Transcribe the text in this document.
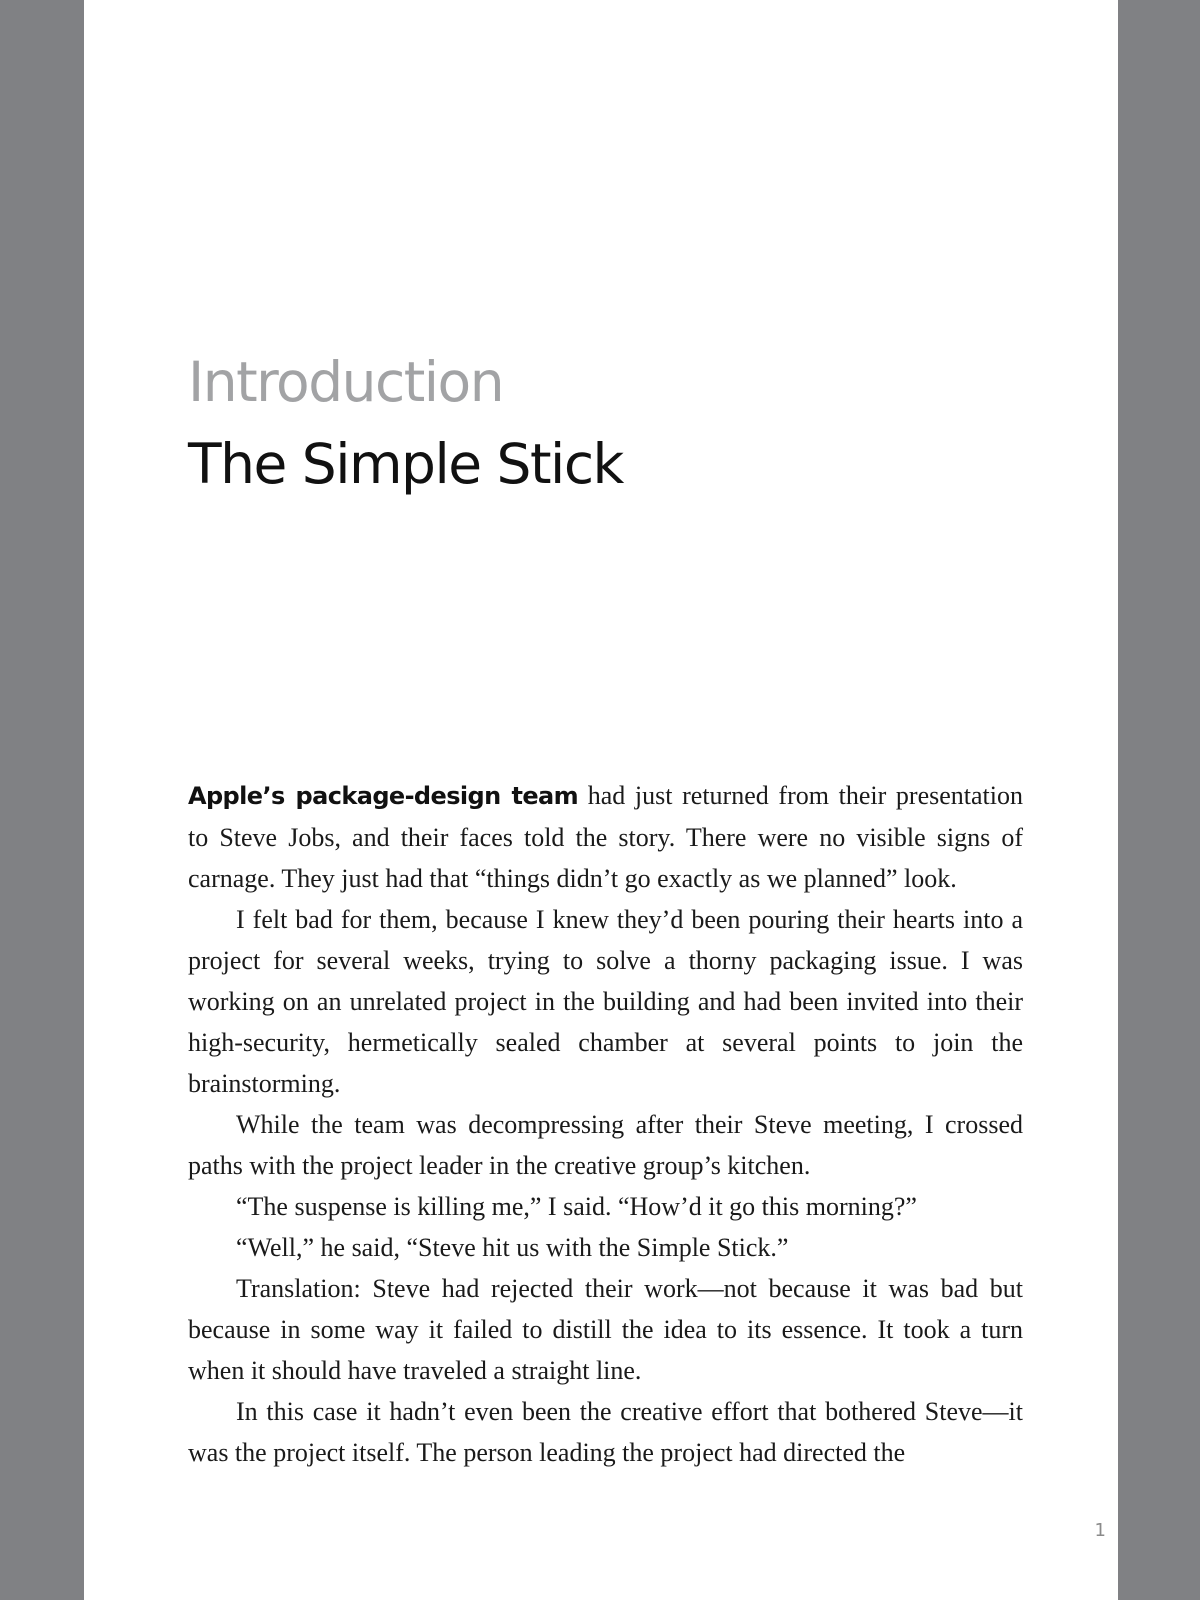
Introduction
The Simple Stick

Apple’s package-design team had just returned from their presentation to Steve Jobs, and their faces told the story. There were no visible signs of carnage. They just had that “things didn’t go exactly as we planned” look.

I felt bad for them, because I knew they’d been pouring their hearts into a project for several weeks, trying to solve a thorny packaging issue. I was working on an unrelated project in the building and had been invited into their high-security, hermetically sealed chamber at several points to join the brainstorming.

While the team was decompressing after their Steve meeting, I crossed paths with the project leader in the creative group’s kitchen.

“The suspense is killing me,” I said. “How’d it go this morning?”

“Well,” he said, “Steve hit us with the Simple Stick.”

Translation: Steve had rejected their work—not because it was bad but because in some way it failed to distill the idea to its essence. It took a turn when it should have traveled a straight line.

In this case it hadn’t even been the creative effort that bothered Steve—it was the project itself. The person leading the project had directed the

1
